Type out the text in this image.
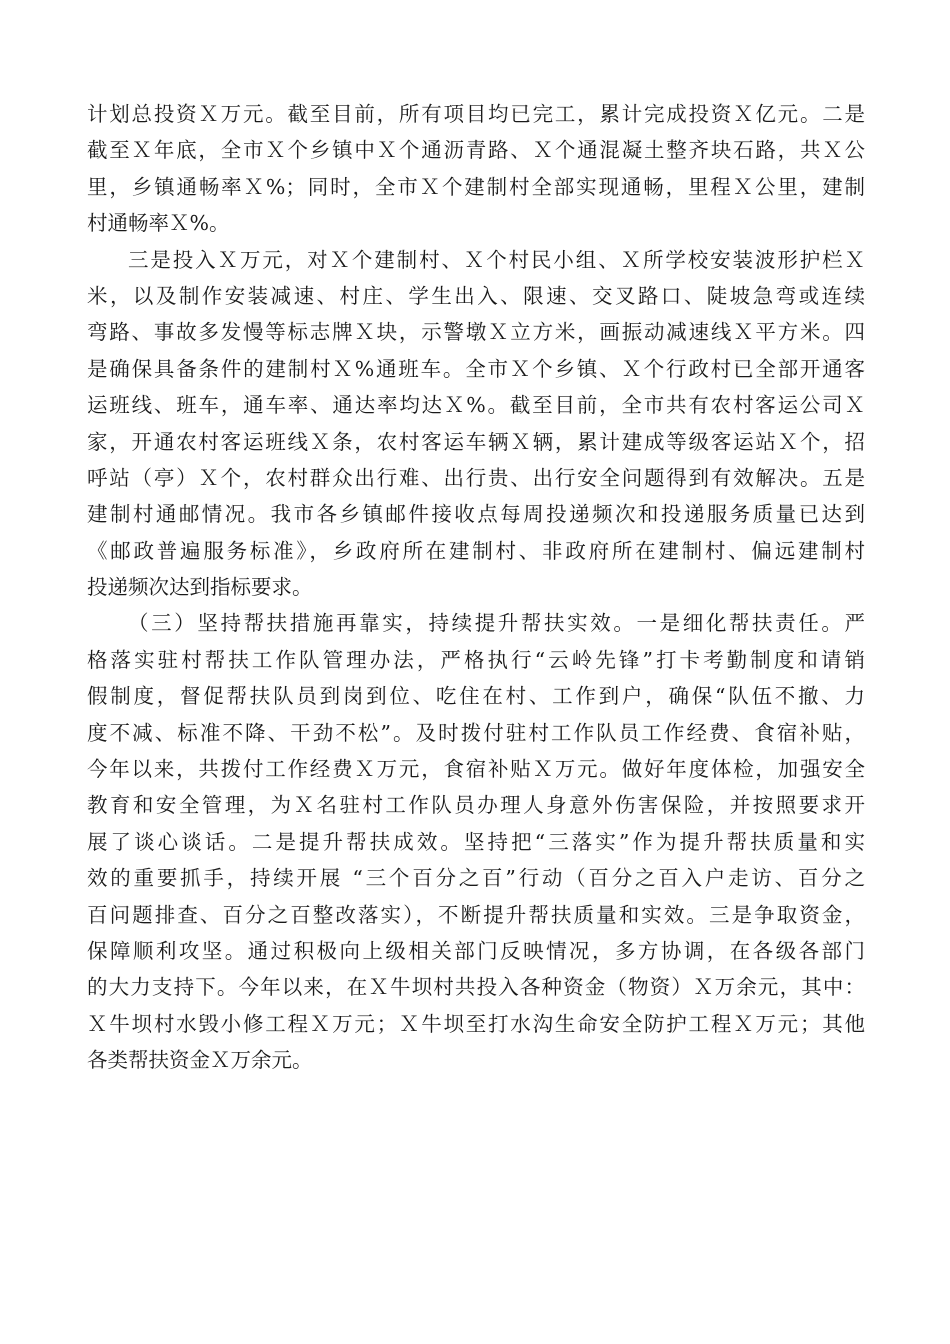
计划总投资Ｘ万元。截至目前，所有项目均已完工，累计完成投资Ｘ亿元。二是
截至Ｘ年底，全市Ｘ个乡镇中Ｘ个通沥青路、Ｘ个通混凝土整齐块石路，共Ｘ公
里，乡镇通畅率Ｘ%；同时，全市Ｘ个建制村全部实现通畅，里程Ｘ公里，建制
村通畅率Ｘ%。
三是投入Ｘ万元，对Ｘ个建制村、Ｘ个村民小组、Ｘ所学校安装波形护栏Ｘ
米，以及制作安装减速、村庄、学生出入、限速、交叉路口、陡坡急弯或连续
弯路、事故多发慢等标志牌Ｘ块，示警墩Ｘ立方米，画振动减速线Ｘ平方米。四
是确保具备条件的建制村Ｘ%通班车。全市Ｘ个乡镇、Ｘ个行政村已全部开通客
运班线、班车，通车率、通达率均达Ｘ%。截至目前，全市共有农村客运公司Ｘ
家，开通农村客运班线Ｘ条，农村客运车辆Ｘ辆，累计建成等级客运站Ｘ个，招
呼站（亭）Ｘ个，农村群众出行难、出行贵、出行安全问题得到有效解决。五是
建制村通邮情况。我市各乡镇邮件接收点每周投递频次和投递服务质量已达到
《邮政普遍服务标准》，乡政府所在建制村、非政府所在建制村、偏远建制村
投递频次达到指标要求。
（三）坚持帮扶措施再靠实，持续提升帮扶实效。一是细化帮扶责任。严
格落实驻村帮扶工作队管理办法，严格执行“云岭先锋”打卡考勤制度和请销
假制度，督促帮扶队员到岗到位、吃住在村、工作到户，确保“队伍不撤、力
度不减、标准不降、干劲不松”。及时拨付驻村工作队员工作经费、食宿补贴，
今年以来，共拨付工作经费Ｘ万元，食宿补贴Ｘ万元。做好年度体检，加强安全
教育和安全管理，为Ｘ名驻村工作队员办理人身意外伤害保险，并按照要求开
展了谈心谈话。二是提升帮扶成效。坚持把“三落实”作为提升帮扶质量和实
效的重要抓手，持续开展 “三个百分之百”行动（百分之百入户走访、百分之
百问题排查、百分之百整改落实），不断提升帮扶质量和实效。三是争取资金，
保障顺利攻坚。通过积极向上级相关部门反映情况，多方协调，在各级各部门
的大力支持下。今年以来，在Ｘ牛坝村共投入各种资金（物资）Ｘ万余元，其中：
Ｘ牛坝村水毁小修工程Ｘ万元；Ｘ牛坝至打水沟生命安全防护工程Ｘ万元；其他
各类帮扶资金Ｘ万余元。
